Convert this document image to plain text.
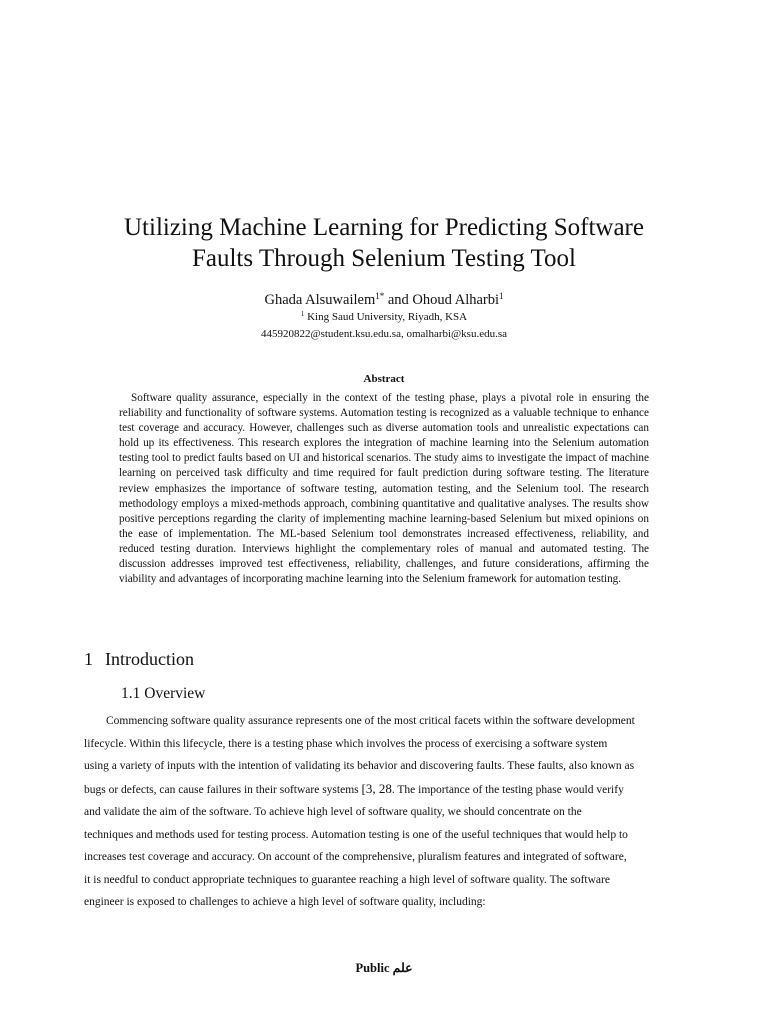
Utilizing Machine Learning for Predicting Software
Faults Through Selenium Testing Tool
Ghada Alsuwailem$^{1*}$ and Ohoud Alharbi$^1$
$^1$ King Saud University, Riyadh, KSA
445920822@student.ksu.edu.sa, omalharbi@ksu.edu.sa
Abstract

Software quality assurance, especially in the context of the testing phase, plays a pivotal role in ensuring the reliability and functionality of software systems. Automation testing is recognized as a valuable technique to enhance test coverage and accuracy. However, challenges such as diverse automation tools and unrealistic expectations can hold up its effectiveness. This research explores the integration of machine learning into the Selenium automation testing tool to predict faults based on UI and historical scenarios. The study aims to investigate the impact of machine learning on perceived task difficulty and time required for fault prediction during software testing. The literature review emphasizes the importance of software testing, automation testing, and the Selenium tool. The research methodology employs a mixed-methods approach, combining quantitative and qualitative analyses. The results show positive perceptions regarding the clarity of implementing machine learning-based Selenium but mixed opinions on the ease of implementation. The ML-based Selenium tool demonstrates increased effectiveness, reliability, and reduced testing duration. Interviews highlight the complementary roles of manual and automated testing. The discussion addresses improved test effectiveness, reliability, challenges, and future considerations, affirming the viability and advantages of incorporating machine learning into the Selenium framework for automation testing.

1 Introduction
1.1 Overview
Commencing software quality assurance represents one of the most critical facets within the software development
lifecycle. Within this lifecycle, there is a testing phase which involves the process of exercising a software system
using a variety of inputs with the intention of validating its behavior and discovering faults. These faults, also known as
bugs or defects, can cause failures in their software systems [3, 28. The importance of the testing phase would verify
and validate the aim of the software. To achieve high level of software quality, we should concentrate on the
techniques and methods used for testing process. Automation testing is one of the useful techniques that would help to
increases test coverage and accuracy. On account of the comprehensive, pluralism features and integrated of software,
it is needful to conduct appropriate techniques to guarantee reaching a high level of software quality. The software
engineer is exposed to challenges to achieve a high level of software quality, including:
Public علم
